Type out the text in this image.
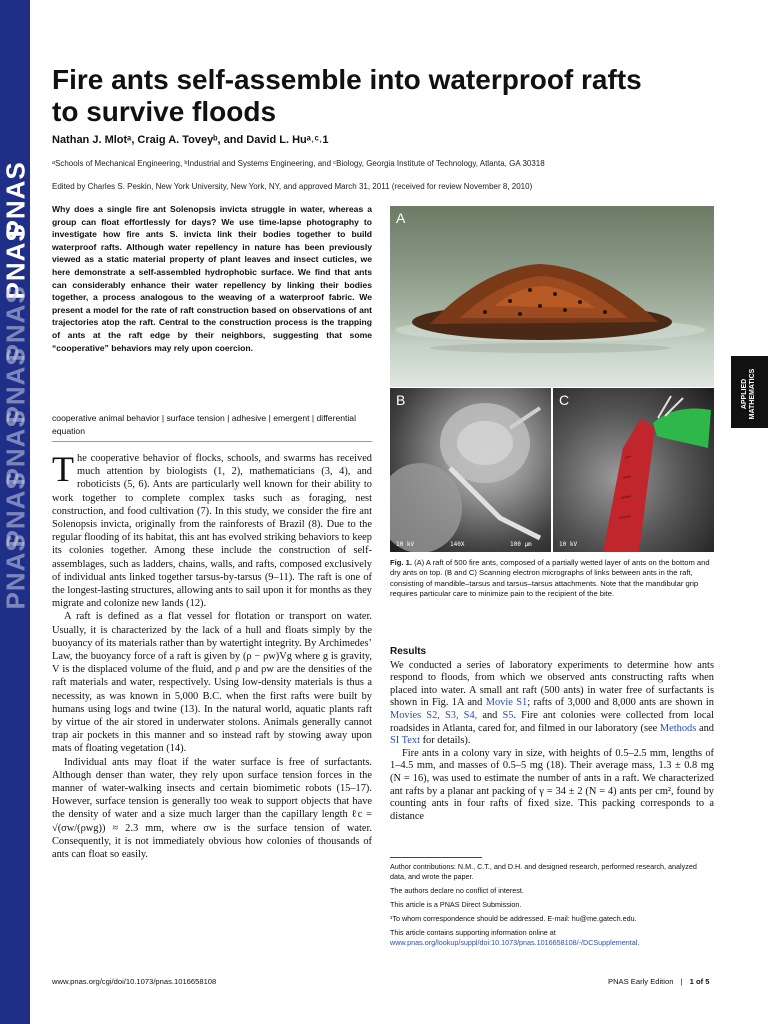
PNAS
PNAS
PNAS
PNAS
PNAS
PNAS
PNAS
Fire ants self-assemble into waterproof rafts to survive floods
Nathan J. Mlotᵃ, Craig A. Toveyᵇ, and David L. Huᵃ˒ᶜ˒1
ᵃSchools of Mechanical Engineering, ᵇIndustrial and Systems Engineering, and ᶜBiology, Georgia Institute of Technology, Atlanta, GA 30318
Edited by Charles S. Peskin, New York University, New York, NY, and approved March 31, 2011 (received for review November 8, 2010)
Why does a single fire ant Solenopsis invicta struggle in water, whereas a group can float effortlessly for days? We use time-lapse photography to investigate how fire ants S. invicta link their bodies together to build waterproof rafts. Although water repellency in nature has been previously viewed as a static material property of plant leaves and insect cuticles, we here demonstrate a self-assembled hydrophobic surface. We find that ants can considerably enhance their water repellency by linking their bodies together, a process analogous to the weaving of a waterproof fabric. We present a model for the rate of raft construction based on observations of ant trajectories atop the raft. Central to the construction process is the trapping of ants at the raft edge by their neighbors, suggesting that some “cooperative” behaviors may rely upon coercion.
cooperative animal behavior | surface tension | adhesive | emergent | differential equation

The cooperative behavior of flocks, schools, and swarms has received much attention by biologists (1, 2), mathematicians (3, 4), and roboticists (5, 6). Ants are particularly well known for their ability to work together to complete complex tasks such as foraging, nest construction, and food cultivation (7). In this study, we consider the fire ant Solenopsis invicta, originally from the rainforests of Brazil (8). Due to the regular flooding of its habitat, this ant has evolved striking behaviors to keep its colonies together. Among these include the construction of self-assemblages, such as ladders, chains, walls, and rafts, composed exclusively of individual ants linked together tarsus-by-tarsus (9–11). The raft is one of the longest-lasting structures, allowing ants to sail upon it for months as they migrate and colonize new lands (12).

A raft is defined as a flat vessel for flotation or transport on water. Usually, it is characterized by the lack of a hull and floats simply by the buoyancy of its materials rather than by watertight integrity. By Archimedes’ Law, the buoyancy force of a raft is given by (ρ − ρw)Vg where g is gravity, V is the displaced volume of the fluid, and ρ and ρw are the densities of the raft materials and water, respectively. Using low-density materials is thus a necessity, as was known in 5,000 B.C. when the first rafts were built by humans using logs and twine (13). In the natural world, aquatic plants raft by virtue of the air stored in underwater stolons. Animals generally cannot trap air pockets in this manner and so instead raft by stowing away upon mats of floating vegetation (14).

Individual ants may float if the water surface is free of surfactants. Although denser than water, they rely upon surface tension forces in the manner of water-walking insects and certain biomimetic robots (15–17). However, surface tension is generally too weak to support objects that have the density of water and a size much larger than the capillary length ℓc = √(σw/(ρwg)) ≈ 2.3 mm, where σw is the surface tension of water. Consequently, it is not immediately obvious how colonies of thousands of ants can float so easily.

A
B
10 kV	140X	100 µm
C
10 kV
Fig. 1. (A) A raft of 500 fire ants, composed of a partially wetted layer of ants on the bottom and dry ants on top. (B and C) Scanning electron micrographs of links between ants in the raft, consisting of mandible–tarsus and tarsus–tarsus attachments. Note that the mandibular grip requires particular care to minimize pain to the recipient of the bite.
APPLIED MATHEMATICS
Results

We conducted a series of laboratory experiments to determine how ants respond to floods, from which we observed ants constructing rafts when placed into water. A small ant raft (500 ants) in water free of surfactants is shown in Fig. 1A and Movie S1; rafts of 3,000 and 8,000 ants are shown in Movies S2, S3, S4, and S5. Fire ant colonies were collected from local roadsides in Atlanta, cared for, and filmed in our laboratory (see Methods and SI Text for details).

Fire ants in a colony vary in size, with heights of 0.5–2.5 mm, lengths of 1–4.5 mm, and masses of 0.5–5 mg (18). Their average mass, 1.3 ± 0.8 mg (N = 16), was used to estimate the number of ants in a raft. We characterized ant rafts by a planar ant packing of γ = 34 ± 2 (N = 4) ants per cm², found by counting ants in four rafts of fixed size. This packing corresponds to a distance

Author contributions: N.M., C.T., and D.H. and designed research, performed research, analyzed data, and wrote the paper.

The authors declare no conflict of interest.

This article is a PNAS Direct Submission.

¹To whom correspondence should be addressed. E-mail: hu@me.gatech.edu.

This article contains supporting information online at www.pnas.org/lookup/suppl/doi:10.1073/pnas.1016658108/-/DCSupplemental.

www.pnas.org/cgi/doi/10.1073/pnas.1016658108	PNAS Early Edition | 1 of 5
